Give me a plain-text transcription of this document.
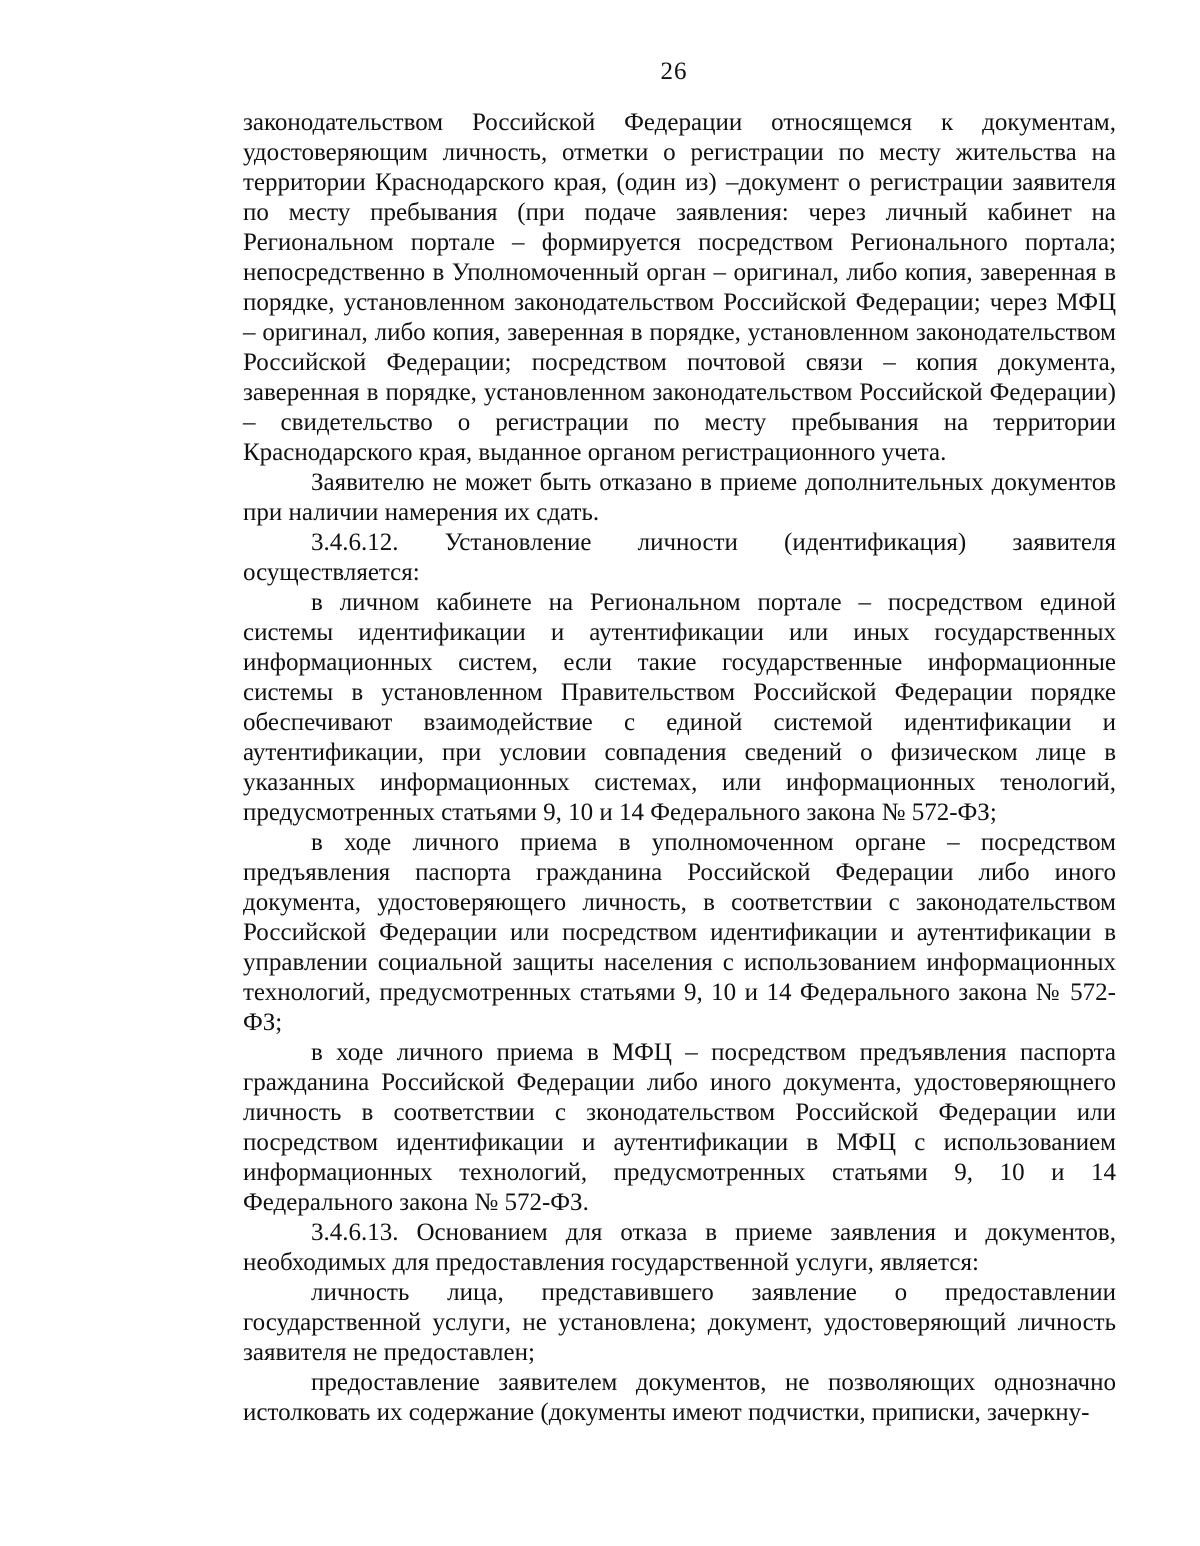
26

законодательством Российской Федерации относящемся к документам, удостоверяющим личность, отметки о регистрации по месту жительства на территории Краснодарского края, (один из) –документ о регистрации заявителя по месту пребывания (при подаче заявления: через личный кабинет на Региональном портале – формируется посредством Регионального портала; непосредственно в Уполномоченный орган – оригинал, либо копия, заверенная в порядке, установленном законодательством Российской Федерации; через МФЦ – оригинал, либо копия, заверенная в порядке, установленном законодательством Российской Федерации; посредством почтовой связи – копия документа, заверенная в порядке, установленном законодательством Российской Федерации) – свидетельство о регистрации по месту пребывания на территории Краснодарского края, выданное органом регистрационного учета.

Заявителю не может быть отказано в приеме дополнительных документов при наличии намерения их сдать.

3.4.6.12. Установление личности (идентификация) заявителя осуществляется:

в личном кабинете на Региональном портале – посредством единой системы идентификации и аутентификации или иных государственных информационных систем, если такие государственные информационные системы в установленном Правительством Российской Федерации порядке обеспечивают взаимодействие с единой системой идентификации и аутентификации, при условии совпадения сведений о физическом лице в указанных информационных системах, или информационных тенологий, предусмотренных статьями 9, 10 и 14 Федерального закона № 572-ФЗ;

в ходе личного приема в уполномоченном органе – посредством предъявления паспорта гражданина Российской Федерации либо иного документа, удостоверяющего личность, в соответствии с законодательством Российской Федерации или посредством идентификации и аутентификации в управлении социальной защиты населения с использованием информационных технологий, предусмотренных статьями 9, 10 и 14 Федерального закона № 572-ФЗ;

в ходе личного приема в МФЦ – посредством предъявления паспорта гражданина Российской Федерации либо иного документа, удостоверяющнего личность в соответствии с зконодательством Российской Федерации или посредством идентификации и аутентификации в МФЦ с использованием информационных технологий, предусмотренных статьями 9, 10 и 14 Федерального закона № 572-ФЗ.

3.4.6.13. Основанием для отказа в приеме заявления и документов, необходимых для предоставления государственной услуги, является:

личность лица, представившего заявление о предоставлении государственной услуги, не установлена; документ, удостоверяющий личность заявителя не предоставлен;

предоставление заявителем документов, не позволяющих однозначно истолковать их содержание (документы имеют подчистки, приписки, зачеркну-
